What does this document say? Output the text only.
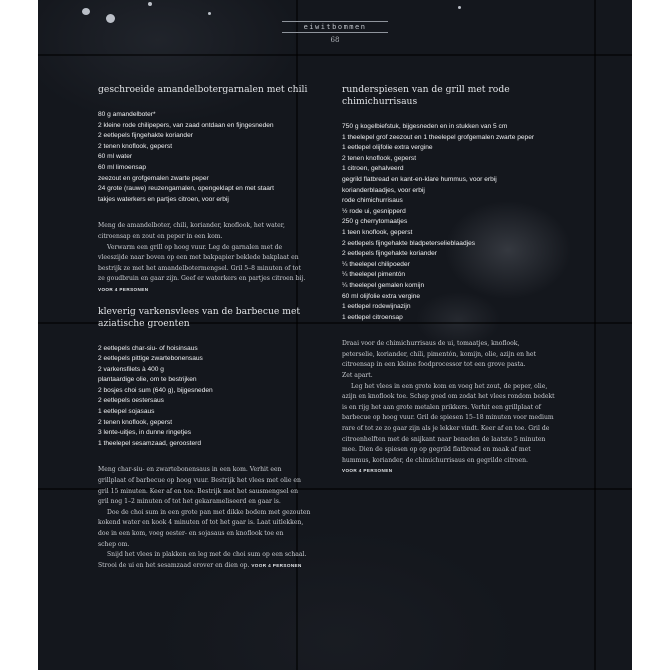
eiwitbommen
68
geschroeide amandelbotergarnalen met chili
80 g amandelboter*
2 kleine rode chilipepers, van zaad ontdaan en fijngesneden
2 eetlepels fijngehakte koriander
2 tenen knoflook, geperst
60 ml water
60 ml limoensap
zeezout en grofgemalen zwarte peper
24 grote (rauwe) reuzengarnalen, opengeklapt en met staart
takjes waterkers en partjes citroen, voor erbij

Meng de amandelboter, chili, koriander, knoflook, het water,

citroensap en zout en peper in een kom.

Verwarm een grill op hoog vuur. Leg de garnalen met de

vleeszijde naar boven op een met bakpapier beklede bakplaat en

bestrijk ze met het amandelbotermengsel. Gril 5–8 minuten of tot

ze goudbruin en gaar zijn. Geef er waterkers en partjes citroen bij.

VOOR 4 PERSONEN

kleverig varkensvlees van de barbecue met
aziatische groenten
2 eetlepels char-siu- of hoisinsaus
2 eetlepels pittige zwartebonensaus
2 varkensfilets à 400 g
plantaardige olie, om te bestrijken
2 bosjes choi sum (640 g), bijgesneden
2 eetlepels oestersaus
1 eetlepel sojasaus
2 tenen knoflook, geperst
3 lente-uitjes, in dunne ringetjes
1 theelepel sesamzaad, geroosterd

Meng char-siu- en zwartebonensaus in een kom. Verhit een

grillplaat of barbecue op hoog vuur. Bestrijk het vlees met olie en

gril 15 minuten. Keer af en toe. Bestrijk met het sausmengsel en

gril nog 1–2 minuten of tot het gekarameliseerd en gaar is.

Doe de choi sum in een grote pan met dikke bodem met gezouten

kokend water en kook 4 minuten of tot het gaar is. Laat uitlekken,

doe in een kom, voeg oester- en sojasaus en knoflook toe en

schep om.

Snijd het vlees in plakken en leg met de choi sum op een schaal.

Strooi de ui en het sesamzaad erover en dien op. VOOR 4 PERSONEN

runderspiesen van de grill met rode
chimichurrisaus
750 g kogelbiefstuk, bijgesneden en in stukken van 5 cm
1 theelepel grof zeezout en 1 theelepel grofgemalen zwarte peper
1 eetlepel olijfolie extra vergine
2 tenen knoflook, geperst
1 citroen, gehalveerd
gegrild flatbread en kant-en-klare hummus, voor erbij
korianderblaadjes, voor erbij
rode chimichurrisaus
½ rode ui, gesnipperd
250 g cherrytomaatjes
1 teen knoflook, geperst
2 eetlepels fijngehakte bladpeterselieblaadjes
2 eetlepels fijngehakte koriander
¼ theelepel chilipoeder
¼ theelepel pimentón
¼ theelepel gemalen komijn
60 ml olijfolie extra vergine
1 eetlepel rodewijnazijn
1 eetlepel citroensap

Draai voor de chimichurrisaus de ui, tomaatjes, knoflook,

peterselie, koriander, chili, pimentón, komijn, olie, azijn en het

citroensap in een kleine foodprocessor tot een grove pasta.

Zet apart.

Leg het vlees in een grote kom en voeg het zout, de peper, olie,

azijn en knoflook toe. Schep goed om zodat het vlees rondom bedekt

is en rijg het aan grote metalen prikkers. Verhit een grillplaat of

barbecue op hoog vuur. Gril de spiesen 15–18 minuten voor medium

rare of tot ze zo gaar zijn als je lekker vindt. Keer af en toe. Gril de

citroenhelften met de snijkant naar beneden de laatste 5 minuten

mee. Dien de spiesen op op gegrild flatbread en maak af met

hummus, koriander, de chimichurrisaus en gegrilde citroen.

VOOR 4 PERSONEN
